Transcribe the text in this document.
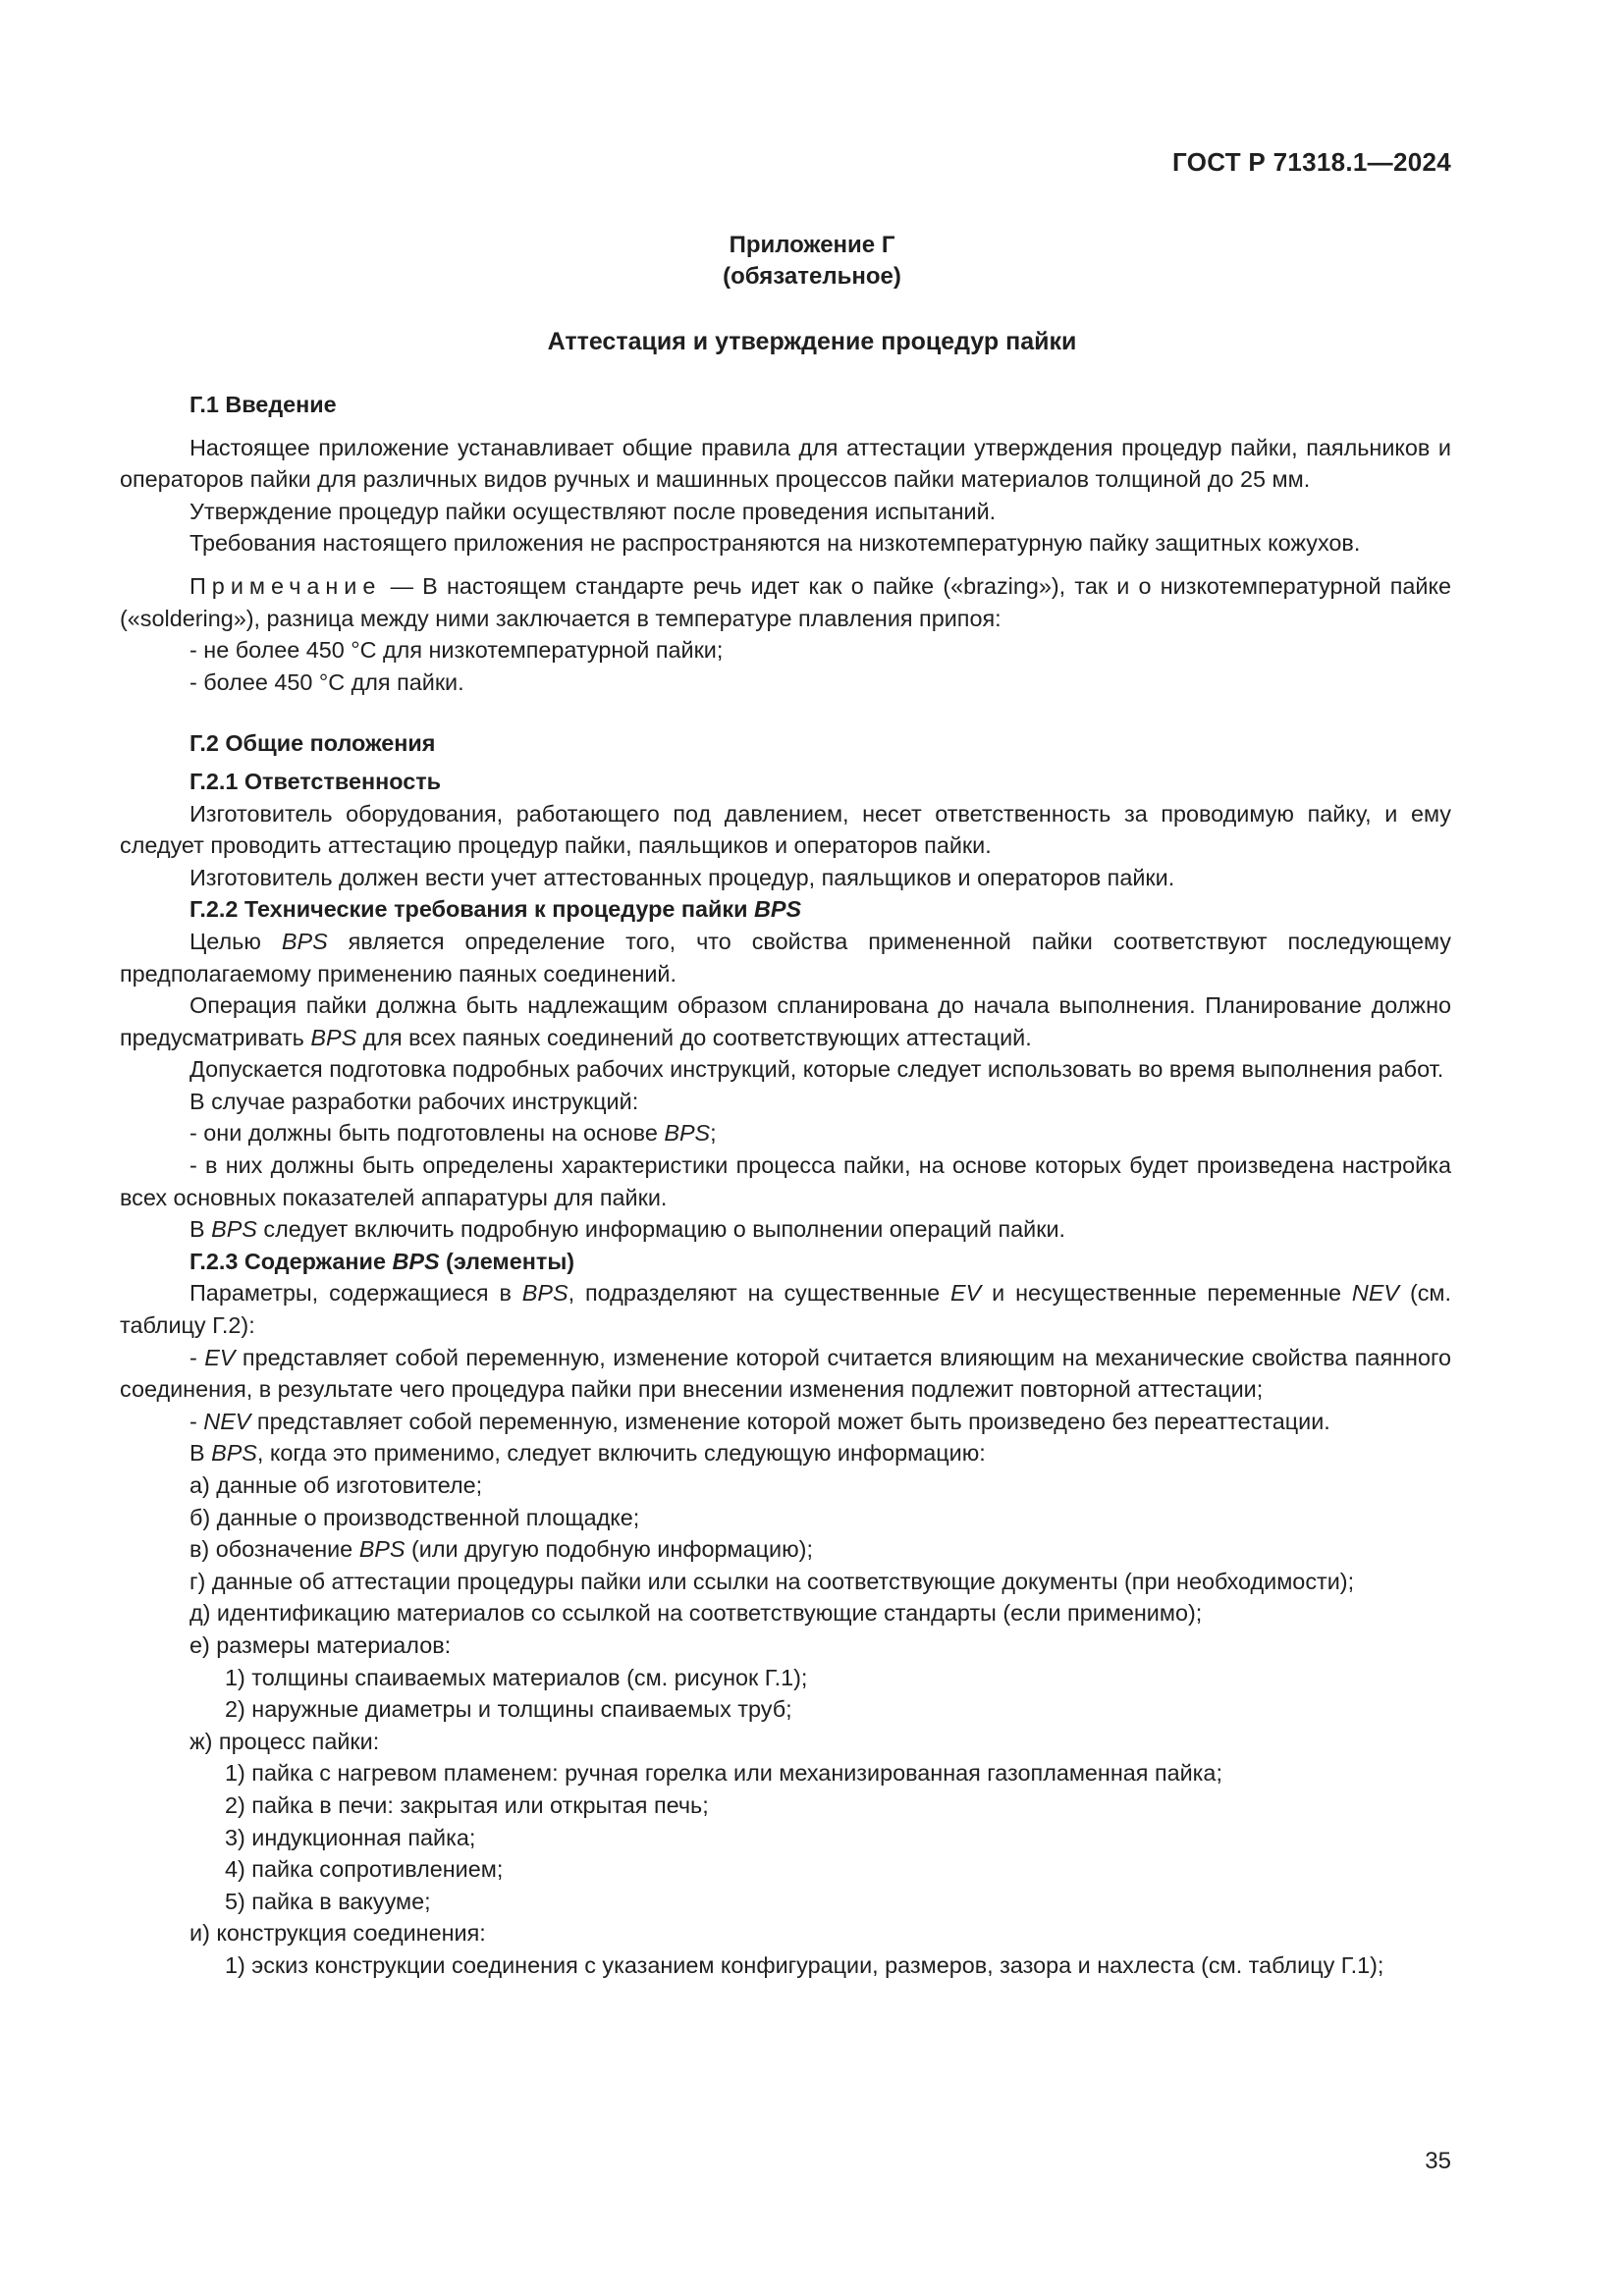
ГОСТ Р 71318.1—2024
Приложение Г
(обязательное)
Аттестация и утверждение процедур пайки

Г.1 Введение

Настоящее приложение устанавливает общие правила для аттестации утверждения процедур пайки, паяльников и операторов пайки для различных видов ручных и машинных процессов пайки материалов толщиной до 25 мм.

Утверждение процедур пайки осуществляют после проведения испытаний.

Требования настоящего приложения не распространяются на низкотемпературную пайку защитных кожухов.

Примечание — В настоящем стандарте речь идет как о пайке («brazing»), так и о низкотемпературной пайке («soldering»), разница между ними заключается в температуре плавления припоя:

- не более 450 °С для низкотемпературной пайки;

- более 450 °С для пайки.

Г.2 Общие положения

Г.2.1 Ответственность

Изготовитель оборудования, работающего под давлением, несет ответственность за проводимую пайку, и ему следует проводить аттестацию процедур пайки, паяльщиков и операторов пайки.

Изготовитель должен вести учет аттестованных процедур, паяльщиков и операторов пайки.

Г.2.2 Технические требования к процедуре пайки BPS

Целью BPS является определение того, что свойства примененной пайки соответствуют последующему предполагаемому применению паяных соединений.

Операция пайки должна быть надлежащим образом спланирована до начала выполнения. Планирование должно предусматривать BPS для всех паяных соединений до соответствующих аттестаций.

Допускается подготовка подробных рабочих инструкций, которые следует использовать во время выполнения работ.

В случае разработки рабочих инструкций:

- они должны быть подготовлены на основе BPS;

- в них должны быть определены характеристики процесса пайки, на основе которых будет произведена настройка всех основных показателей аппаратуры для пайки.

В BPS следует включить подробную информацию о выполнении операций пайки.

Г.2.3 Содержание BPS (элементы)

Параметры, содержащиеся в BPS, подразделяют на существенные EV и несущественные переменные NEV (см. таблицу Г.2):

- EV представляет собой переменную, изменение которой считается влияющим на механические свойства паянного соединения, в результате чего процедура пайки при внесении изменения подлежит повторной аттестации;

- NEV представляет собой переменную, изменение которой может быть произведено без переаттестации.

В BPS, когда это применимо, следует включить следующую информацию:

а) данные об изготовителе;

б) данные о производственной площадке;

в) обозначение BPS (или другую подобную информацию);

г) данные об аттестации процедуры пайки или ссылки на соответствующие документы (при необходимости);

д) идентификацию материалов со ссылкой на соответствующие стандарты (если применимо);

е) размеры материалов:

1) толщины спаиваемых материалов (см. рисунок Г.1);

2) наружные диаметры и толщины спаиваемых труб;

ж) процесс пайки:

1) пайка с нагревом пламенем: ручная горелка или механизированная газопламенная пайка;

2) пайка в печи: закрытая или открытая печь;

3) индукционная пайка;

4) пайка сопротивлением;

5) пайка в вакууме;

и) конструкция соединения:

1) эскиз конструкции соединения с указанием конфигурации, размеров, зазора и нахлеста (см. таблицу Г.1);

35
